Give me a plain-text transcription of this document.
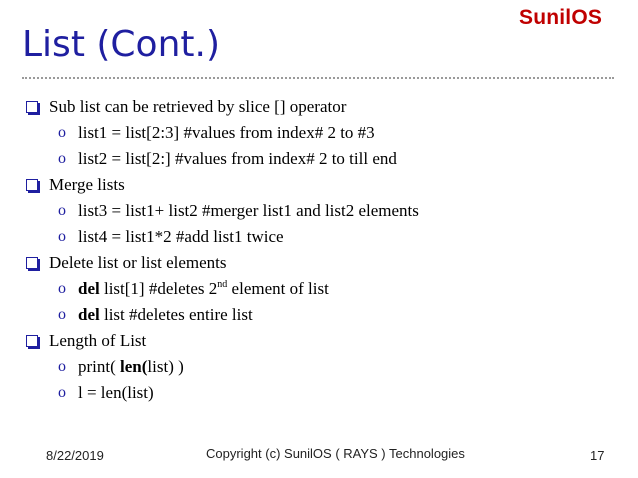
SunilOS
List (Cont.)
Sub list can be retrieved by slice [] operator
o list1 = list[2:3] #values from index# 2 to #3
o list2 = list[2:] #values from index# 2 to till end
Merge lists
o list3 = list1+ list2 #merger list1 and list2 elements
o list4 = list1*2 #add list1 twice
Delete list or list elements
o del list[1] #deletes 2nd element of list
o del list #deletes entire list
Length of List
o print( len(list) )
o l = len(list)
8/22/2019	Copyright (c) SunilOS ( RAYS ) Technologies	17
